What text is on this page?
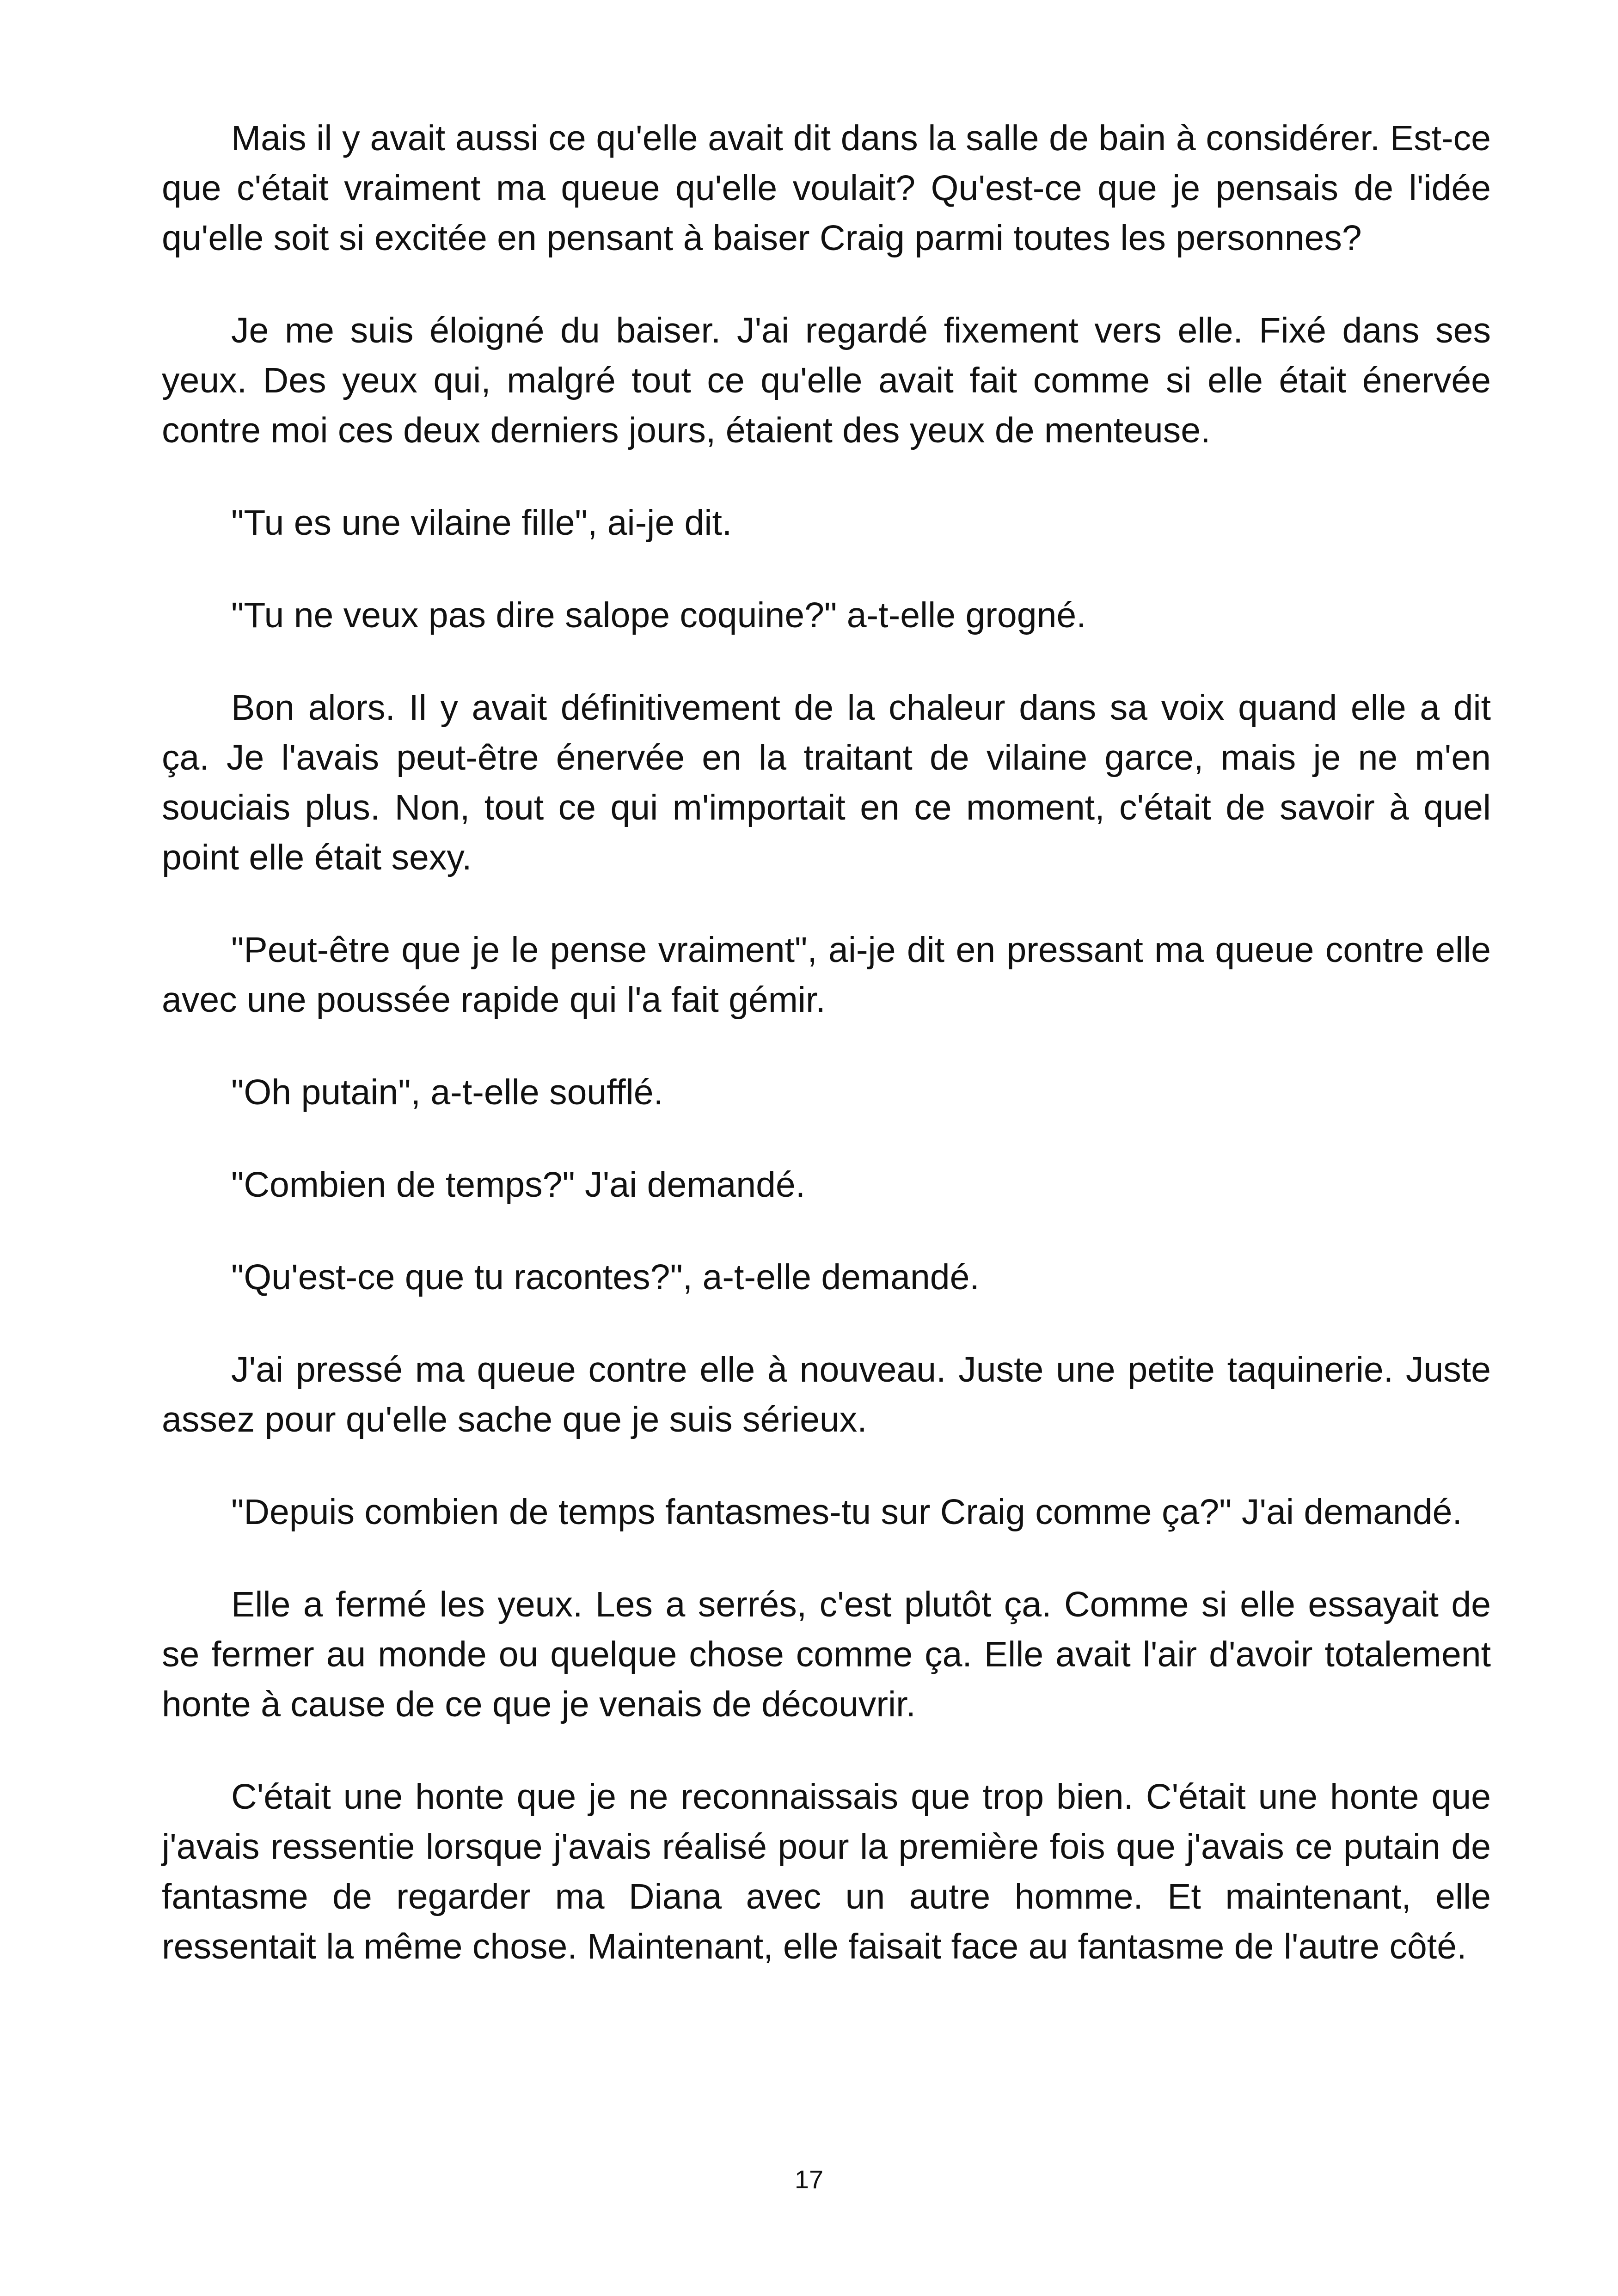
Mais il y avait aussi ce qu'elle avait dit dans la salle de bain à considérer. Est-ce que c'était vraiment ma queue qu'elle voulait? Qu'est-ce que je pensais de l'idée qu'elle soit si excitée en pensant à baiser Craig parmi toutes les personnes?

Je me suis éloigné du baiser. J'ai regardé fixement vers elle. Fixé dans ses yeux. Des yeux qui, malgré tout ce qu'elle avait fait comme si elle était énervée contre moi ces deux derniers jours, étaient des yeux de menteuse.

"Tu es une vilaine fille", ai-je dit.

"Tu ne veux pas dire salope coquine?" a-t-elle grogné.

Bon alors. Il y avait définitivement de la chaleur dans sa voix quand elle a dit ça. Je l'avais peut-être énervée en la traitant de vilaine garce, mais je ne m'en souciais plus. Non, tout ce qui m'importait en ce moment, c'était de savoir à quel point elle était sexy.

"Peut-être que je le pense vraiment", ai-je dit en pressant ma queue contre elle avec une poussée rapide qui l'a fait gémir.

"Oh putain", a-t-elle soufflé.

"Combien de temps?" J'ai demandé.

"Qu'est-ce que tu racontes?", a-t-elle demandé.

J'ai pressé ma queue contre elle à nouveau. Juste une petite taquinerie. Juste assez pour qu'elle sache que je suis sérieux.

"Depuis combien de temps fantasmes-tu sur Craig comme ça?" J'ai demandé.

Elle a fermé les yeux. Les a serrés, c'est plutôt ça. Comme si elle essayait de se fermer au monde ou quelque chose comme ça. Elle avait l'air d'avoir totalement honte à cause de ce que je venais de découvrir.

C'était une honte que je ne reconnaissais que trop bien. C'était une honte que j'avais ressentie lorsque j'avais réalisé pour la première fois que j'avais ce putain de fantasme de regarder ma Diana avec un autre homme. Et maintenant, elle ressentait la même chose. Maintenant, elle faisait face au fantasme de l'autre côté.

17
